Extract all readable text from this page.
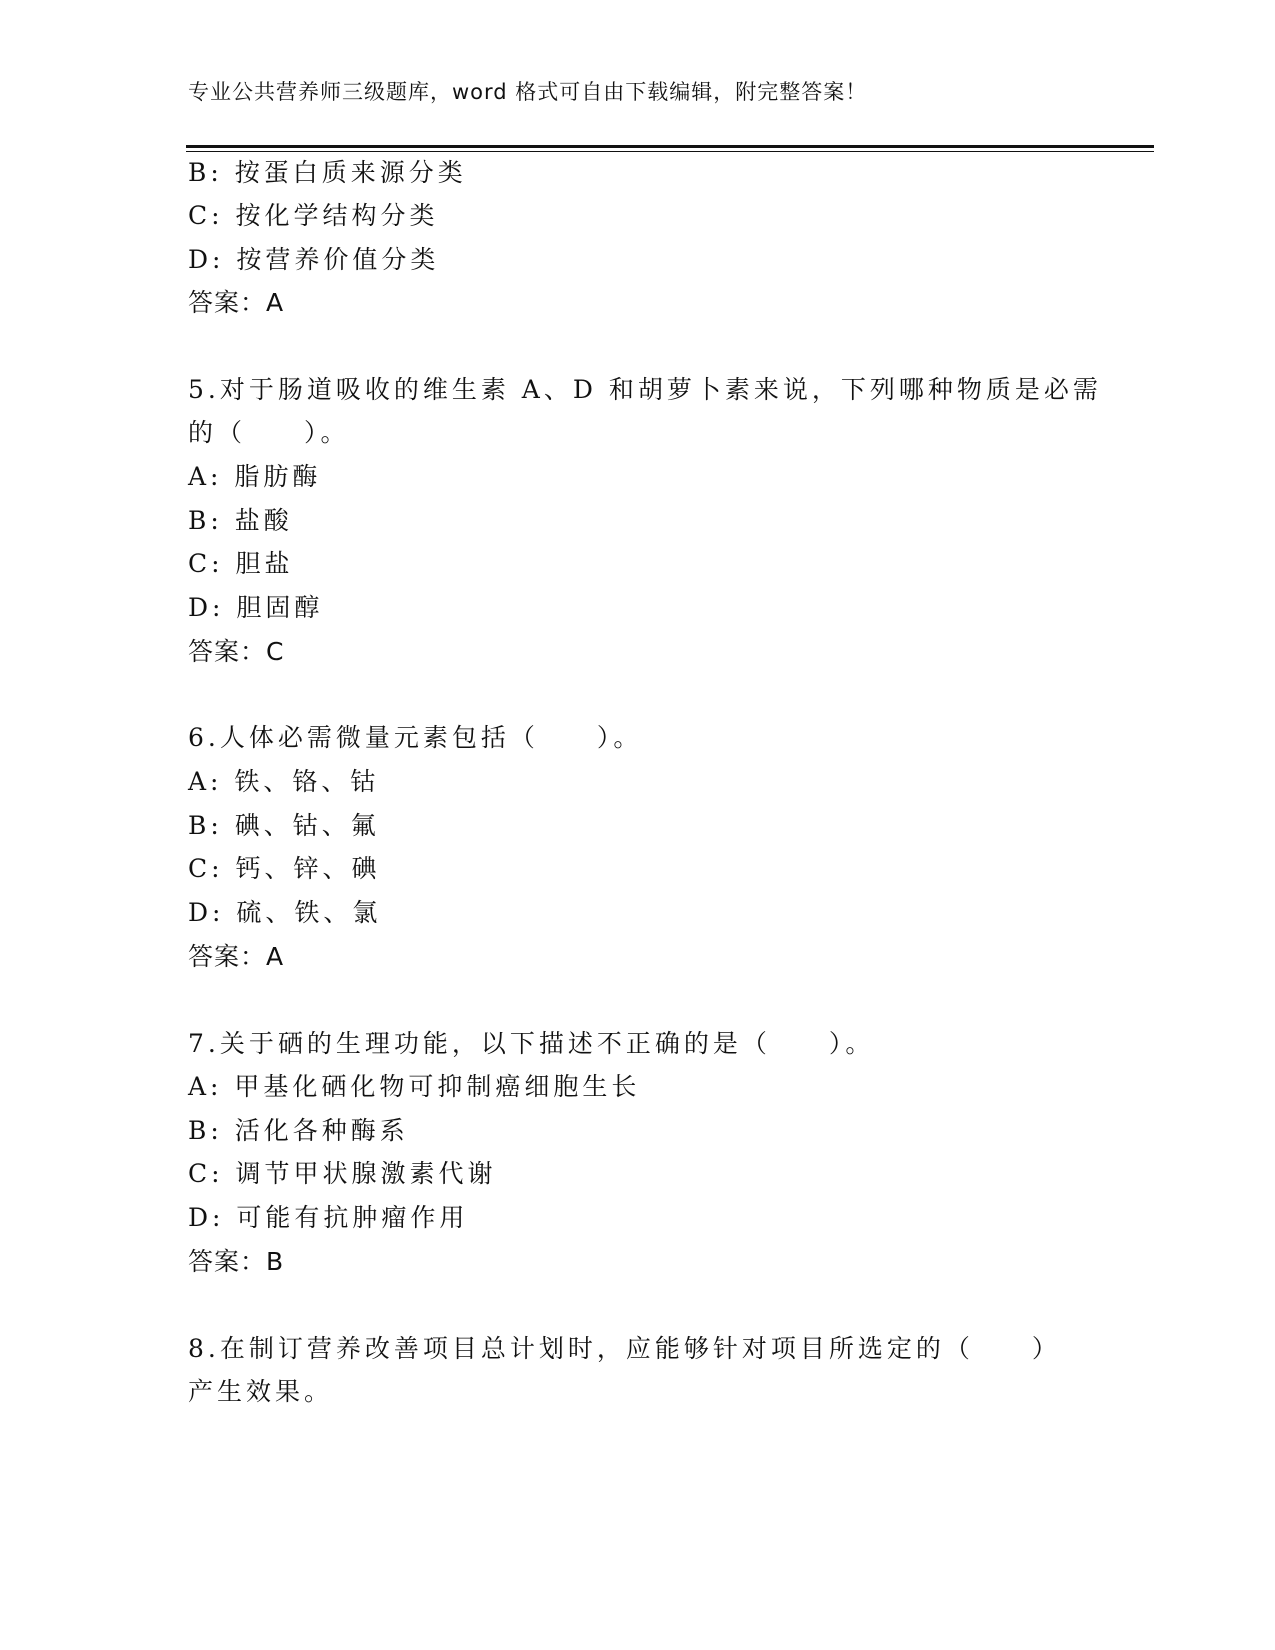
专业公共营养师三级题库，word 格式可自由下载编辑，附完整答案！
B: 按蛋白质来源分类
C: 按化学结构分类
D: 按营养价值分类
答案：A
5.对于肠道吸收的维生素 A、D 和胡萝卜素来说，下列哪种物质是必需
的（　　）。
A: 脂肪酶
B: 盐酸
C: 胆盐
D: 胆固醇
答案：C
6.人体必需微量元素包括（　　）。
A: 铁、铬、钴
B: 碘、钴、氟
C: 钙、锌、碘
D: 硫、铁、氯
答案：A
7.关于硒的生理功能，以下描述不正确的是（　　）。
A: 甲基化硒化物可抑制癌细胞生长
B: 活化各种酶系
C: 调节甲状腺激素代谢
D: 可能有抗肿瘤作用
答案：B
8.在制订营养改善项目总计划时，应能够针对项目所选定的（　　）
产生效果。
